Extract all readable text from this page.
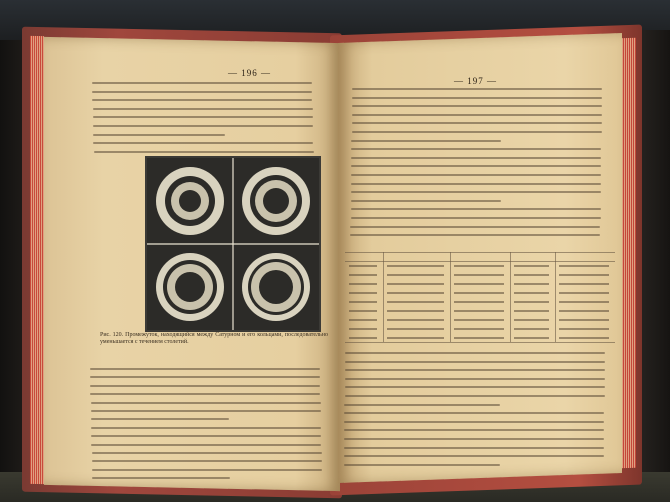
— 196 —
— 197 —
Рис. 120. Промежуток, находящийся между Сатурном и его кольцами, последовательно уменьшается с течением столетий.
